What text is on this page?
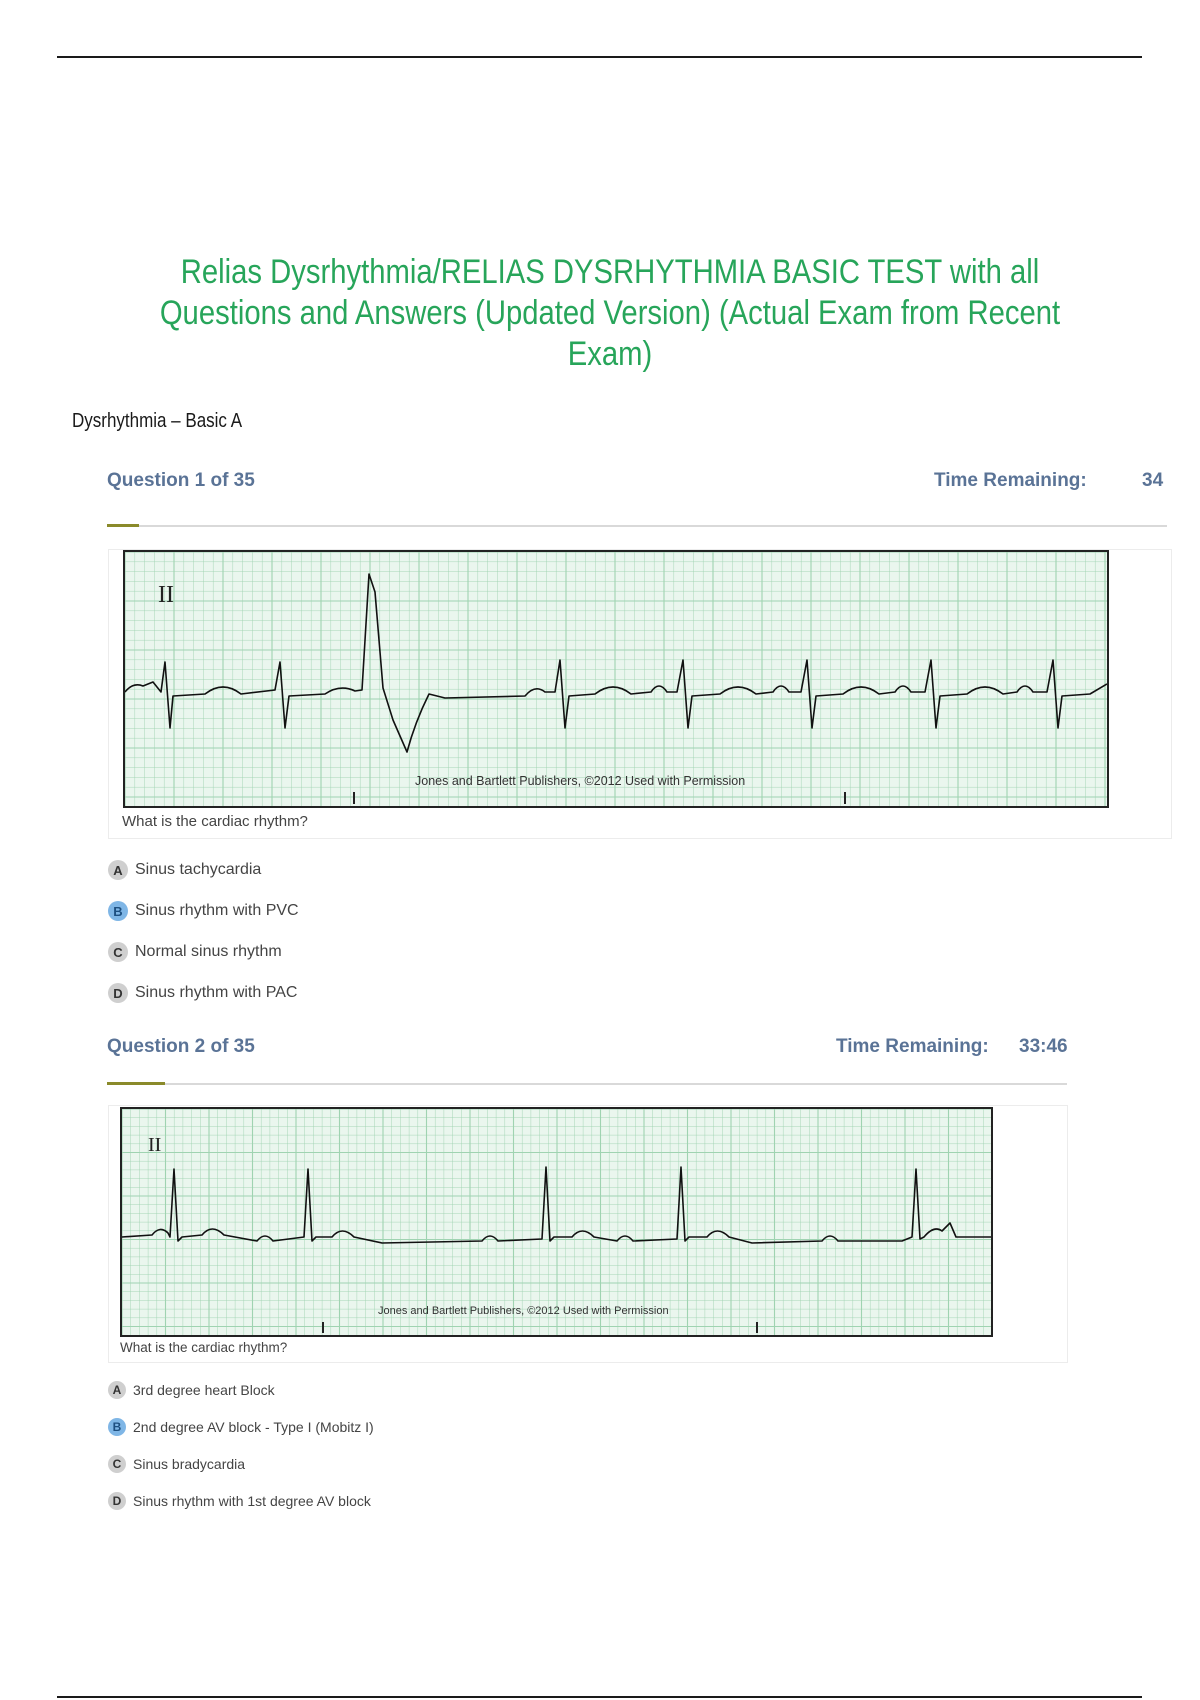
Relias Dysrhythmia/RELIAS DYSRHYTHMIA BASIC TEST with all Questions and Answers (Updated Version) (Actual Exam from Recent Exam)
Dysrhythmia – Basic A
Question 1 of 35	Time Remaining:	34
II
Jones and Bartlett Publishers, ©2012 Used with Permission
What is the cardiac rhythm?
A Sinus tachycardia
B Sinus rhythm with PVC
C Normal sinus rhythm
D Sinus rhythm with PAC
Question 2 of 35	Time Remaining: 33:46
II
Jones and Bartlett Publishers, ©2012 Used with Permission
What is the cardiac rhythm?
A 3rd degree heart Block
B 2nd degree AV block - Type I (Mobitz I)
C Sinus bradycardia
D Sinus rhythm with 1st degree AV block
